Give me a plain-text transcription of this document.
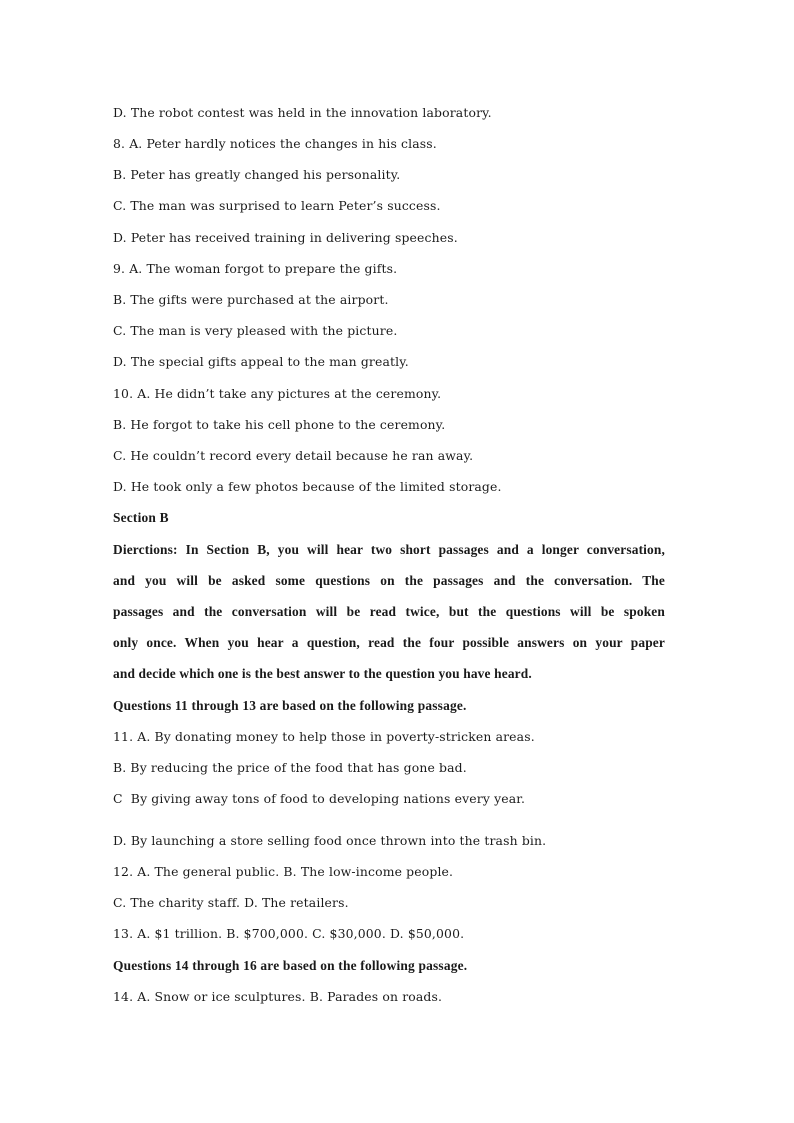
D. The robot contest was held in the innovation laboratory.
8. A. Peter hardly notices the changes in his class.
B. Peter has greatly changed his personality.
C. The man was surprised to learn Peter’s success.
D. Peter has received training in delivering speeches.
9. A. The woman forgot to prepare the gifts.
B. The gifts were purchased at the airport.
C. The man is very pleased with the picture.
D. The special gifts appeal to the man greatly.
10. A. He didn’t take any pictures at the ceremony.
B. He forgot to take his cell phone to the ceremony.
C. He couldn’t record every detail because he ran away.
D. He took only a few photos because of the limited storage.
Section B
Dierctions: In Section B, you will hear two short passages and a longer conversation,
and you will be asked some questions on the passages and the conversation. The
passages and the conversation will be read twice, but the questions will be spoken
only once. When you hear a question, read the four possible answers on your paper
and decide which one is the best answer to the question you have heard.
Questions 11 through 13 are based on the following passage.
11. A. By donating money to help those in poverty-stricken areas.
B. By reducing the price of the food that has gone bad.
C  By giving away tons of food to developing nations every year.
D. By launching a store selling food once thrown into the trash bin.
12. A. The general public. B. The low-income people.
C. The charity staff. D. The retailers.
13. A. $1 trillion. B. $700,000. C. $30,000. D. $50,000.
Questions 14 through 16 are based on the following passage.
14. A. Snow or ice sculptures. B. Parades on roads.
